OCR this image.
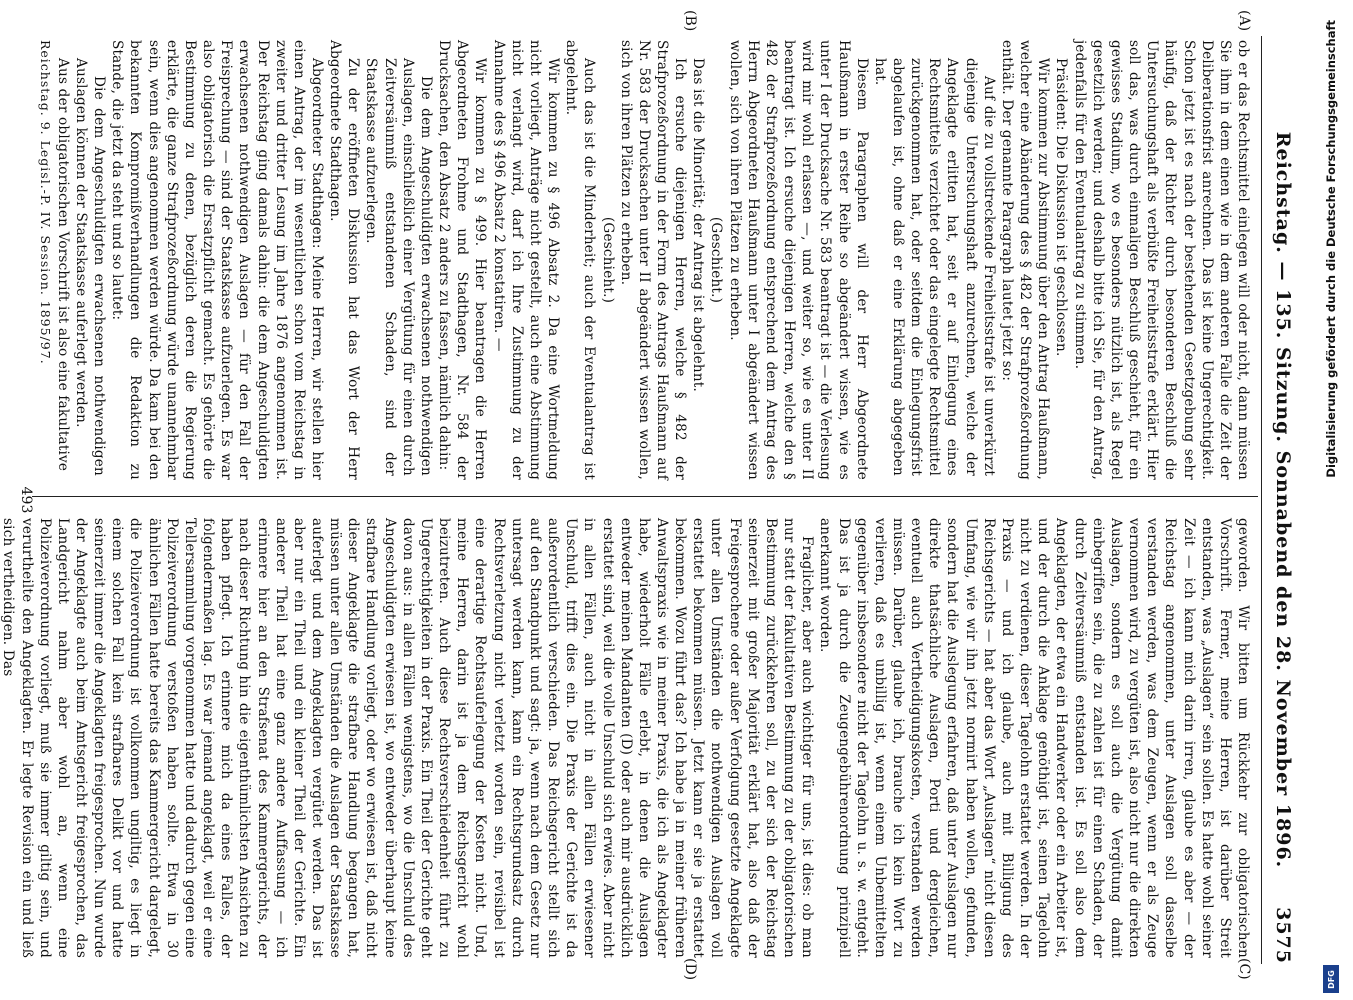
Reichstag. — 135. Sitzung. Sonnabend den 28. November 1896.
3575
(A)
(B)
(C)
(D)

ob er das Rechtsmittel einlegen will oder nicht, dann müssen Sie ihm in dem einen wie in dem anderen Falle die Zeit der Deliberationsfrist anrechnen. Das ist keine Ungerechtigkeit. Schon jetzt ist es nach der bestehenden Gesetzgebung sehr häufig, daß der Richter durch besonderen Beschluß die Untersuchungshaft als verbüßte Freiheitsstrafe erklärt. Hier soll das, was durch einmaligen Beschluß geschieht, für ein gewisses Stadium, wo es besonders nützlich ist, als Regel gesetzlich werden; und deshalb bitte ich Sie, für den Antrag, jedenfalls für den Eventualantrag zu stimmen.

Präsident: Die Diskussion ist geschlossen.

Wir kommen zur Abstimmung über den Antrag Haußmann, welcher eine Abänderung des § 482 der Strafprozeßordnung enthält. Der genannte Paragraph lautet jetzt so:

Auf die zu vollstreckende Freiheitsstrafe ist unverkürzt diejenige Untersuchungshaft anzurechnen, welche der Angeklagte erlitten hat, seit er auf Einlegung eines Rechtsmittels verzichtet oder das eingelegte Rechtsmittel zurückgenommen hat, oder seitdem die Einlegungsfrist abgelaufen ist, ohne daß er eine Erklärung abgegeben hat.

Diesem Paragraphen will der Herr Abgeordnete Haußmann in erster Reihe so abgeändert wissen, wie es unter I der Drucksache Nr. 583 beantragt ist — die Verlesung wird mir wohl erlassen —, und weiter so, wie es unter II beantragt ist. Ich ersuche diejenigen Herren, welche den § 482 der Strafprozeßordnung entsprechend dem Antrag des Herrn Abgeordneten Haußmann unter I abgeändert wissen wollen, sich von ihren Plätzen zu erheben.

(Geschieht.)

Das ist die Minorität; der Antrag ist abgelehnt.

Ich ersuche diejenigen Herren, welche § 482 der Strafprozeßordnung in der Form des Antrags Haußmann auf Nr. 583 der Drucksachen unter II abgeändert wissen wollen, sich von ihren Plätzen zu erheben.

(Geschieht.)

Auch das ist die Minderheit; auch der Eventualantrag ist abgelehnt.

Wir kommen zu § 496 Absatz 2. Da eine Wortmeldung nicht vorliegt, Anträge nicht gestellt, auch eine Abstimmung nicht verlangt wird, darf ich Ihre Zustimmung zu der Annahme des § 496 Absatz 2 konstatiren. —

Wir kommen zu § 499. Hier beantragen die Herren Abgeordneten Frohme und Stadthagen, Nr. 584 der Drucksachen, den Absatz 2 anders zu fassen, nämlich dahin:

Die dem Angeschuldigten erwachsenen nothwendigen Auslagen, einschließlich einer Vergütung für einen durch Zeitversäumniß entstandenen Schaden, sind der Staatskasse aufzuerlegen.

Zu der eröffneten Diskussion hat das Wort der Herr Abgeordnete Stadthagen.

Abgeordneter Stadthagen: Meine Herren, wir stellen hier einen Antrag, der im wesentlichen schon vom Reichstag in zweiter und dritter Lesung im Jahre 1876 angenommen ist. Der Reichstag ging damals dahin: die dem Angeschuldigten erwachsenen nothwendigen Auslagen — für den Fall der Freisprechung — sind der Staatskasse aufzuerlegen. Es war also obligatorisch die Ersatzpflicht gemacht. Es gehörte die Bestimmung zu denen, bezüglich deren die Regierung erklärte, die ganze Strafprozeßordnung würde unannehmbar sein, wenn dies angenommen werden würde. Da kam bei den bekannten Kompromißverhandlungen die Redaktion zu Stande, die jetzt da steht und so lautet:

Die dem Angeschuldigten erwachsenen nothwendigen Auslagen können der Staatskasse auferlegt werden.

Aus der obligatorischen Vorschrift ist also eine fakultative

Reichstag. 9. Legisl.-P. IV. Session. 1895/97.

geworden. Wir bitten um Rückkehr zur obligatorischen Vorschrift. Ferner, meine Herren, ist darüber Streit entstanden, was „Auslagen“ sein sollen. Es hatte wohl seiner Zeit — ich kann mich darin irren, glaube es aber — der Reichstag angenommen, unter Auslagen soll dasselbe verstanden werden, was dem Zeugen, wenn er als Zeuge vernommen wird, zu vergüten ist, also nicht nur die direkten Auslagen, sondern es soll auch die Vergütung damit einbegriffen sein, die zu zahlen ist für einen Schaden, der durch Zeitversäumniß entstanden ist. Es soll also dem Angeklagten, der etwa ein Handwerker oder ein Arbeiter ist, und der durch die Anklage genöthigt ist, seinen Tagelohn nicht zu verdienen, dieser Tagelohn erstattet werden. In der Praxis — und ich glaube, auch mit Billigung des Reichsgerichts — hat aber das Wort „Auslagen“ nicht diesen Umfang, wie wir ihn jetzt normirt haben wollen, gefunden, sondern hat die Auslegung erfahren, daß unter Auslagen nur direkte thatsächliche Auslagen, Porti und dergleichen, eventuell auch Vertheidigungskosten, verstanden werden müssen. Darüber, glaube ich, brauche ich kein Wort zu verlieren, daß es unbillig ist, wenn einem Unbemittelten gegenüber insbesondere nicht der Tagelohn u. s. w. entgeht. Das ist ja durch die Zeugengebührenordnung prinzipiell anerkannt worden.

Fraglicher, aber auch wichtiger für uns, ist dies: ob man nur statt der fakultativen Bestimmung zu der obligatorischen Bestimmung zurückkehren soll, zu der sich der Reichstag seinerzeit mit großer Majorität erklärt hat, also daß der Freigesprochene oder außer Verfolgung gesetzte Angeklagte unter allen Umständen die nothwendigen Auslagen voll erstattet bekommen müssen. Jetzt kann er sie ja erstattet bekommen. Wozu führt das? Ich habe ja in meiner früheren Anwaltspraxis wie in meiner Praxis, die ich als Angeklagter habe, wiederholt Fälle erlebt, in denen die Auslagen entweder meinen Mandanten (D) oder auch mir ausdrücklich erstattet sind, weil die volle Unschuld sich erwies. Aber nicht in allen Fällen, auch nicht in allen Fällen erwiesener Unschuld, trifft dies ein. Die Praxis der Gerichte ist da außerordentlich verschieden. Das Reichsgericht stellt sich auf den Standpunkt und sagt: ja, wenn nach dem Gesetz nur untersagt werden kann, kann ein Rechtsgrundsatz durch Rechtsverletzung nicht verletzt worden sein, revisibel ist eine derartige Rechtsauferlegung der Kosten nicht. Und, meine Herren, darin ist ja dem Reichsgericht wohl beizutreten. Auch diese Rechtsverschiedenheit führt zu Ungerechtigkeiten in der Praxis. Ein Theil der Gerichte geht davon aus: in allen Fällen wenigstens, wo die Unschuld des Angeschuldigten erwiesen ist, wo entweder überhaupt keine strafbare Handlung vorliegt, oder wo erwiesen ist, daß nicht dieser Angeklagte die strafbare Handlung begangen hat, müssen unter allen Umständen die Auslagen der Staatskasse auferlegt und dem Angeklagten vergütet werden. Das ist aber nur ein Theil und ein kleiner Theil der Gerichte. Ein anderer Theil hat eine ganz andere Auffassung — ich erinnere hier an den Strafsenat des Kammergerichts, der nach dieser Richtung hin die eigenthümlichsten Ansichten zu haben pflegt. Ich erinnere mich da eines Falles, der folgendermaßen lag. Es war jemand angeklagt, weil er eine Tellersammlung vorgenommen hatte und dadurch gegen eine Polizeiverordnung verstoßen haben sollte. Etwa in 30 ähnlichen Fällen hatte bereits das Kammergericht dargelegt, die Polizeiverordnung ist vollkommen ungiltig, es liegt in einem solchen Fall kein strafbares Delikt vor und hatte seinerzeit immer die Angeklagten freigesprochen. Nun wurde der Angeklagte auch beim Amtsgericht freigesprochen, das Landgericht nahm aber wohl an, wenn eine Polizeiverordnung vorliegt, muß sie immer giltig sein, und verurtheilte den Angeklagten. Er legte Revision ein und ließ sich vertheidigen. Das

493
Digitalisierung gefördert durch die Deutsche Forschungsgemeinschaft
DFG
